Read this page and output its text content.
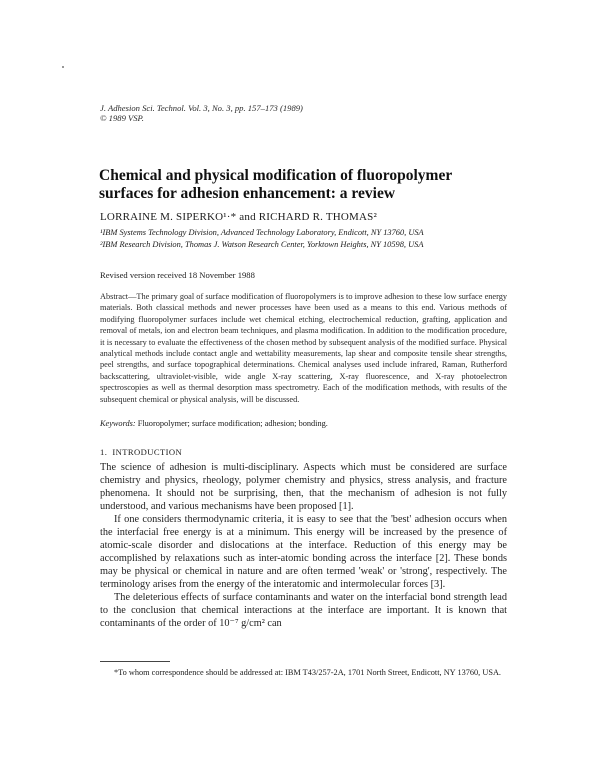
J. Adhesion Sci. Technol. Vol. 3, No. 3, pp. 157–173 (1989)
© 1989 VSP.
Chemical and physical modification of fluoropolymer surfaces for adhesion enhancement: a review
LORRAINE M. SIPERKO¹·* and RICHARD R. THOMAS²
¹IBM Systems Technology Division, Advanced Technology Laboratory, Endicott, NY 13760, USA
²IBM Research Division, Thomas J. Watson Research Center, Yorktown Heights, NY 10598, USA
Revised version received 18 November 1988
Abstract—The primary goal of surface modification of fluoropolymers is to improve adhesion to these low surface energy materials. Both classical methods and newer processes have been used as a means to this end. Various methods of modifying fluoropolymer surfaces include wet chemical etching, electrochemical reduction, grafting, application and removal of metals, ion and electron beam techniques, and plasma modification. In addition to the modification procedure, it is necessary to evaluate the effectiveness of the chosen method by subsequent analysis of the modified surface. Physical analytical methods include contact angle and wettability measurements, lap shear and composite tensile shear strengths, peel strengths, and surface topographical determinations. Chemical analyses used include infrared, Raman, Rutherford backscattering, ultraviolet-visible, wide angle X-ray scattering, X-ray fluorescence, and X-ray photoelectron spectroscopies as well as thermal desorption mass spectrometry. Each of the modification methods, with results of the subsequent chemical or physical analysis, will be discussed.
Keywords: Fluoropolymer; surface modification; adhesion; bonding.
1. INTRODUCTION

The science of adhesion is multi-disciplinary. Aspects which must be considered are surface chemistry and physics, rheology, polymer chemistry and physics, stress analysis, and fracture phenomena. It should not be surprising, then, that the mechanism of adhesion is not fully understood, and various mechanisms have been proposed [1].

If one considers thermodynamic criteria, it is easy to see that the 'best' adhesion occurs when the interfacial free energy is at a minimum. This energy will be increased by the presence of atomic-scale disorder and dislocations at the interface. Reduction of this energy may be accomplished by relaxations such as inter-atomic bonding across the interface [2]. These bonds may be physical or chemical in nature and are often termed 'weak' or 'strong', respectively. The terminology arises from the energy of the interatomic and intermolecular forces [3].

The deleterious effects of surface contaminants and water on the interfacial bond strength lead to the conclusion that chemical interactions at the interface are important. It is known that contaminants of the order of 10⁻⁷ g/cm² can

*To whom correspondence should be addressed at: IBM T43/257-2A, 1701 North Street, Endicott, NY 13760, USA.
